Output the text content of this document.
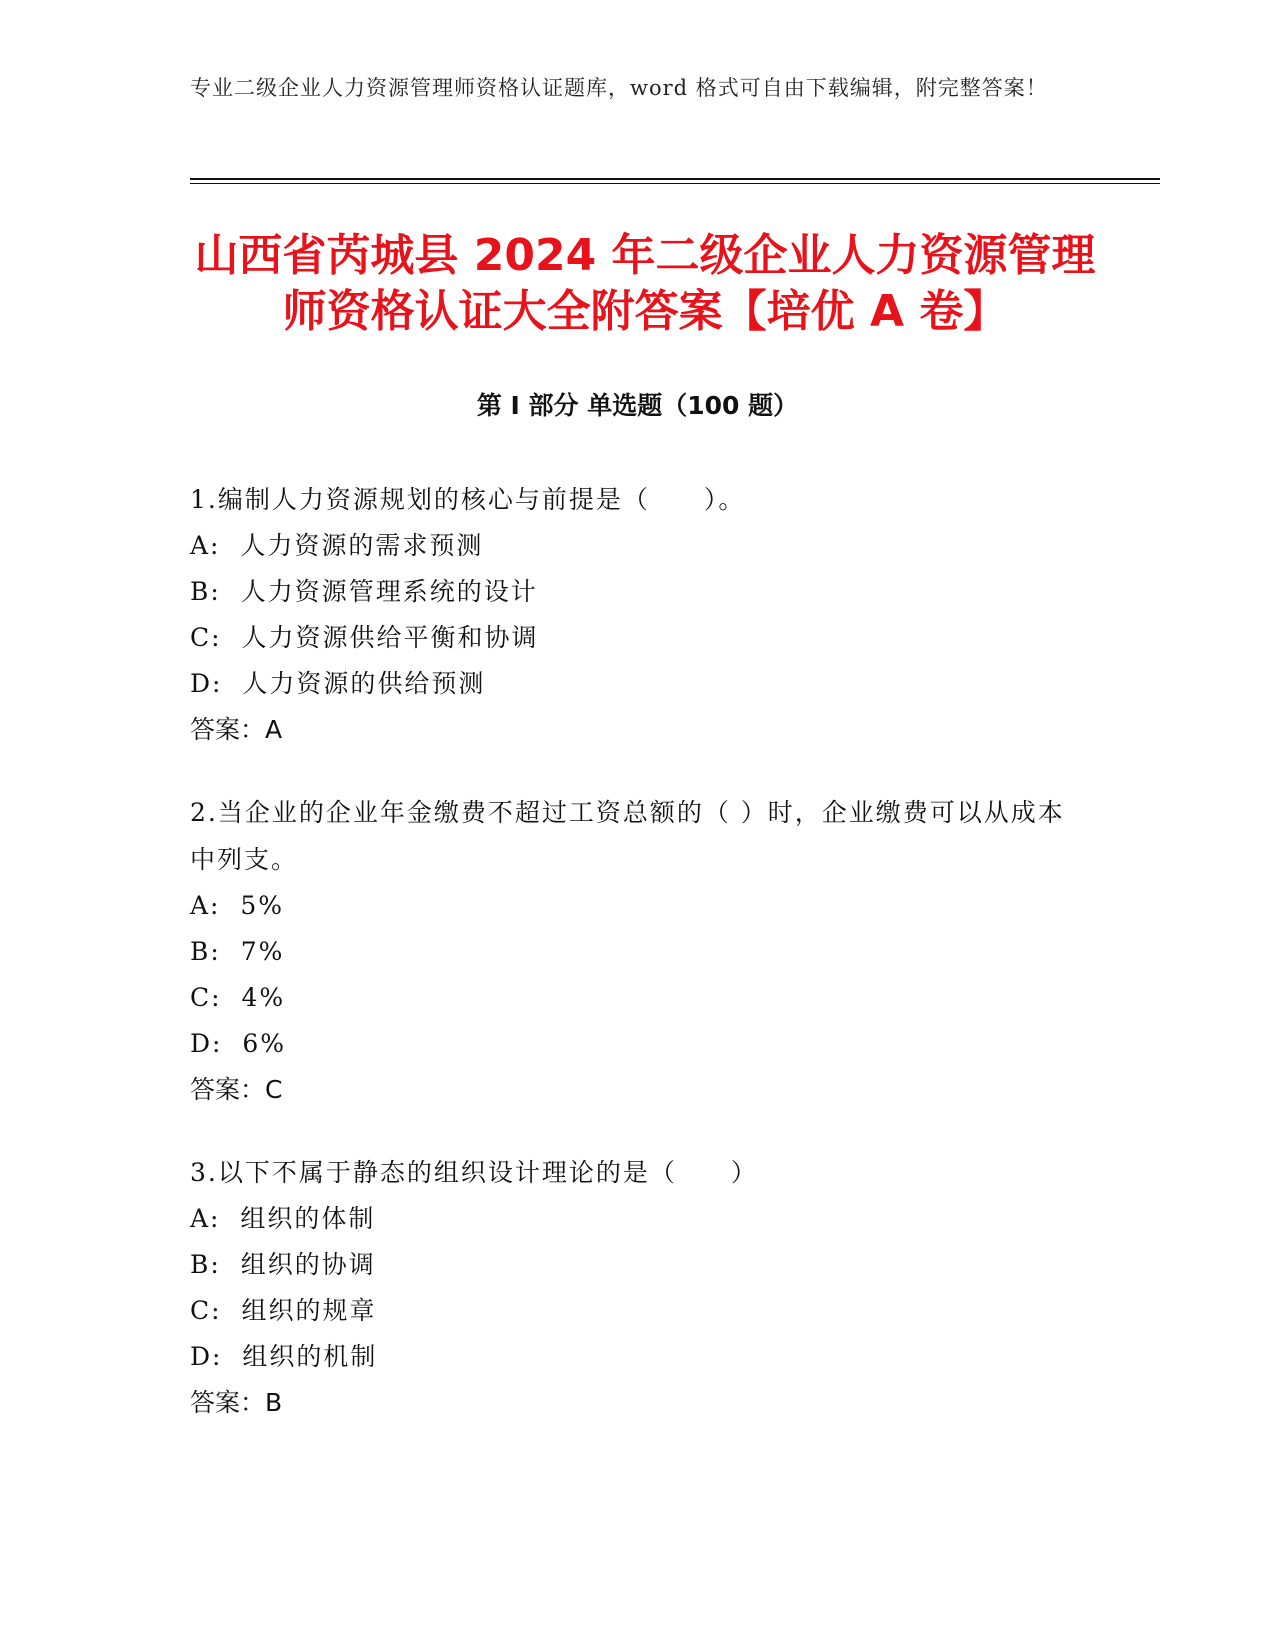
专业二级企业人力资源管理师资格认证题库，word 格式可自由下载编辑，附完整答案！
山西省芮城县 2024 年二级企业人力资源管理
师资格认证大全附答案【培优 A 卷】
第 I 部分 单选题（100 题）

1.编制人力资源规划的核心与前提是（　　）。

A:  人力资源的需求预测

B:  人力资源管理系统的设计

C:  人力资源供给平衡和协调

D:  人力资源的供给预测

答案：A

2.当企业的企业年金缴费不超过工资总额的（ ）时，企业缴费可以从成本中列支。

A:  5%

B:  7%

C:  4%

D:  6%

答案：C

3.以下不属于静态的组织设计理论的是（　　）

A:  组织的体制

B:  组织的协调

C:  组织的规章

D:  组织的机制

答案：B
